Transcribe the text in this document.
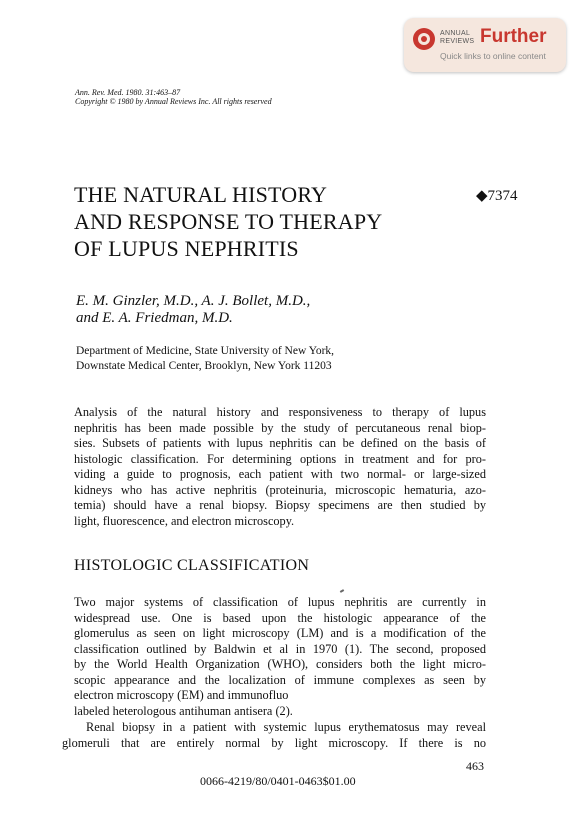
ANNUAL REVIEWS Further
Quick links to online content
Ann. Rev. Med. 1980. 31:463–87
Copyright © 1980 by Annual Reviews Inc. All rights reserved
THE NATURAL HISTORY
AND RESPONSE TO THERAPY
OF LUPUS NEPHRITIS
◆7374
E. M. Ginzler, M.D., A. J. Bollet, M.D.,
and E. A. Friedman, M.D.
Department of Medicine, State University of New York,
Downstate Medical Center, Brooklyn, New York 11203
Analysis of the natural history and responsiveness to therapy of lupus
nephritis has been made possible by the study of percutaneous renal biop-
sies. Subsets of patients with lupus nephritis can be defined on the basis of
histologic classification. For determining options in treatment and for pro-
viding a guide to prognosis, each patient with two normal- or large-sized
kidneys who has active nephritis (proteinuria, microscopic hematuria, azo-
temia) should have a renal biopsy. Biopsy specimens are then studied by
light, fluorescence, and electron microscopy.
HISTOLOGIC CLASSIFICATION
Two major systems of classification of lupus nephritis are currently in
widespread use. One is based upon the histologic appearance of the
glomerulus as seen on light microscopy (LM) and is a modification of the
classification outlined by Baldwin et al in 1970 (1). The second, proposed
by the World Health Organization (WHO), considers both the light micro-
scopic appearance and the localization of immune complexes as seen by
electron microscopy (EM) and immunofluo
labeled heterologous antihuman antisera (2).
Renal biopsy in a patient with systemic lupus erythematosus may reveal
glomeruli that are entirely normal by light microscopy. If there is no
463
0066-4219/80/0401-0463$01.00
